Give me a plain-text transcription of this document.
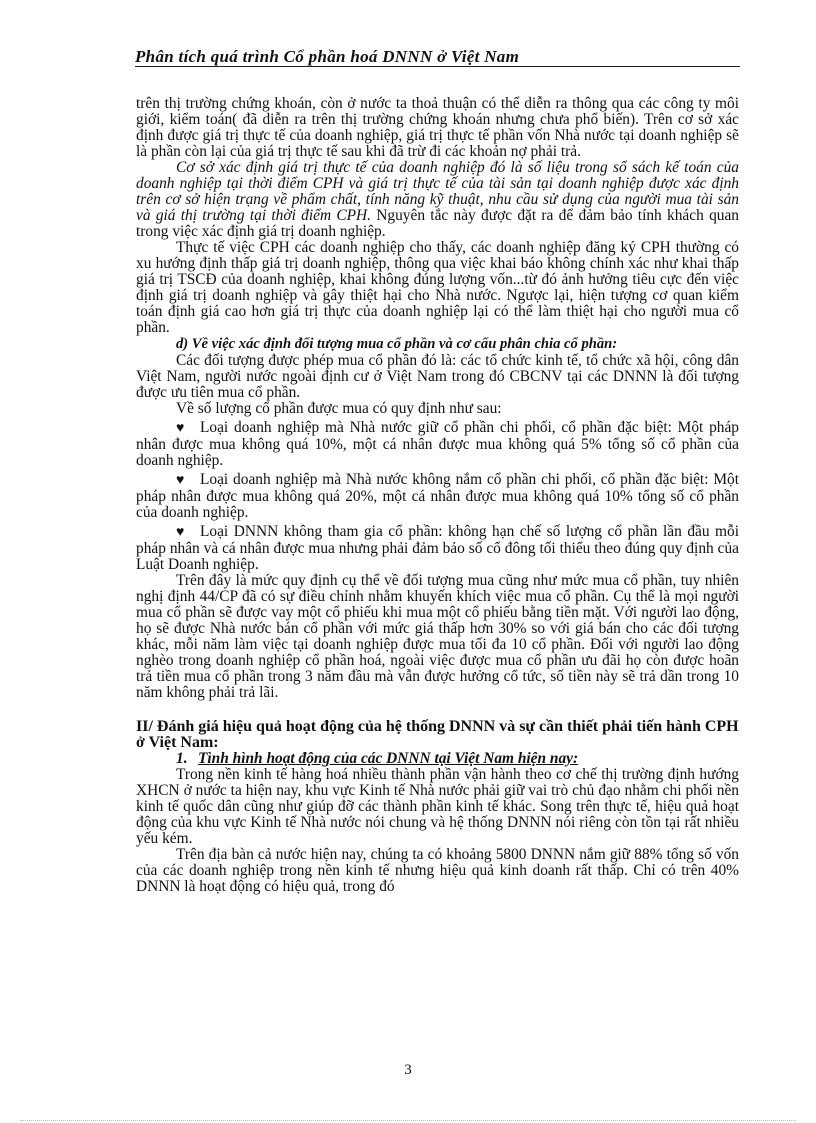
Phân tích quá trình Cổ phần hoá DNNN ở Việt Nam

trên thị trường chứng khoán, còn ở nước ta thoả thuận có thể diễn ra thông qua các công ty môi giới, kiểm toán( đã diễn ra trên thị trường chứng khoán nhưng chưa phổ biến). Trên cơ sở xác định được giá trị thực tế của doanh nghiệp, giá trị thực tế phần vốn Nhà nước tại doanh nghiệp sẽ là phần còn lại của giá trị thực tế sau khi đã trừ đi các khoản nợ phải trả.

Cơ sở xác định giá trị thực tế của doanh nghiệp đó là số liệu trong sổ sách kế toán của doanh nghiệp tại thời điểm CPH và giá trị thực tế của tài sản tại doanh nghiệp được xác định trên cơ sở hiện trạng về phẩm chất, tính năng kỹ thuật, nhu cầu sử dụng của người mua tài sản và giá thị trường tại thời điểm CPH. Nguyên tắc này được đặt ra để đảm bảo tính khách quan trong việc xác định giá trị doanh nghiệp.

Thực tế việc CPH các doanh nghiệp cho thấy, các doanh nghiệp đăng ký CPH thường có xu hướng định thấp giá trị doanh nghiệp, thông qua việc khai báo không chính xác như khai thấp giá trị TSCĐ của doanh nghiệp, khai không đúng lượng vốn...từ đó ảnh hưởng tiêu cực đến việc định giá trị doanh nghiệp và gây thiệt hại cho Nhà nước. Ngược lại, hiện tượng cơ quan kiểm toán định giá cao hơn giá trị thực của doanh nghiệp lại có thể làm thiệt hại cho người mua cổ phần.

d) Về việc xác định đối tượng mua cổ phần và cơ cấu phân chia cổ phần:

Các đối tượng được phép mua cổ phần đó là: các tổ chức kinh tế, tổ chức xã hội, công dân Việt Nam, người nước ngoài định cư ở Việt Nam trong đó CBCNV tại các DNNN là đối tượng được ưu tiên mua cổ phần.

Về số lượng cổ phần được mua có quy định như sau:

♥ Loại doanh nghiệp mà Nhà nước giữ cổ phần chi phối, cổ phần đặc biệt: Một pháp nhân được mua không quá 10%, một cá nhân được mua không quá 5% tổng số cổ phần của doanh nghiệp.

♥ Loại doanh nghiệp mà Nhà nước không nắm cổ phần chi phối, cổ phần đặc biệt: Một pháp nhân được mua không quá 20%, một cá nhân được mua không quá 10% tổng số cổ phần của doanh nghiệp.

♥ Loại DNNN không tham gia cổ phần: không hạn chế số lượng cổ phần lần đầu mỗi pháp nhân và cá nhân được mua nhưng phải đảm bảo số cổ đông tối thiểu theo đúng quy định của Luật Doanh nghiệp.

Trên đây là mức quy định cụ thể về đối tượng mua cũng như mức mua cổ phần, tuy nhiên nghị định 44/CP đã có sự điều chỉnh nhằm khuyến khích việc mua cổ phần. Cụ thể là mọi người mua cổ phần sẽ được vay một cổ phiếu khi mua một cổ phiếu bằng tiền mặt. Với người lao động, họ sẽ được Nhà nước bán cổ phần với mức giá thấp hơn 30% so với giá bán cho các đối tượng khác, mỗi năm làm việc tại doanh nghiệp được mua tối đa 10 cổ phần. Đối với người lao động nghèo trong doanh nghiệp cổ phần hoá, ngoài việc được mua cổ phần ưu đãi họ còn được hoãn trả tiền mua cổ phần trong 3 năm đầu mà vẫn được hưởng cổ tức, số tiền này sẽ trả dần trong 10 năm không phải trả lãi.

II/ Đánh giá hiệu quả hoạt động của hệ thống DNNN và sự cần thiết phải tiến hành CPH ở Việt Nam:

1. Tình hình hoạt động của các DNNN tại Việt Nam hiện nay:

Trong nền kinh tế hàng hoá nhiều thành phần vận hành theo cơ chế thị trường định hướng XHCN ở nước ta hiện nay, khu vực Kinh tế Nhà nước phải giữ vai trò chủ đạo nhằm chi phối nền kinh tế quốc dân cũng như giúp đỡ các thành phần kinh tế khác. Song trên thực tế, hiệu quả hoạt động của khu vực Kinh tế Nhà nước nói chung và hệ thống DNNN nói riêng còn tồn tại rất nhiều yếu kém.

Trên địa bàn cả nước hiện nay, chúng ta có khoảng 5800 DNNN nắm giữ 88% tổng số vốn của các doanh nghiệp trong nền kinh tế nhưng hiệu quả kinh doanh rất thấp. Chỉ có trên 40% DNNN là hoạt động có hiệu quả, trong đó

3
